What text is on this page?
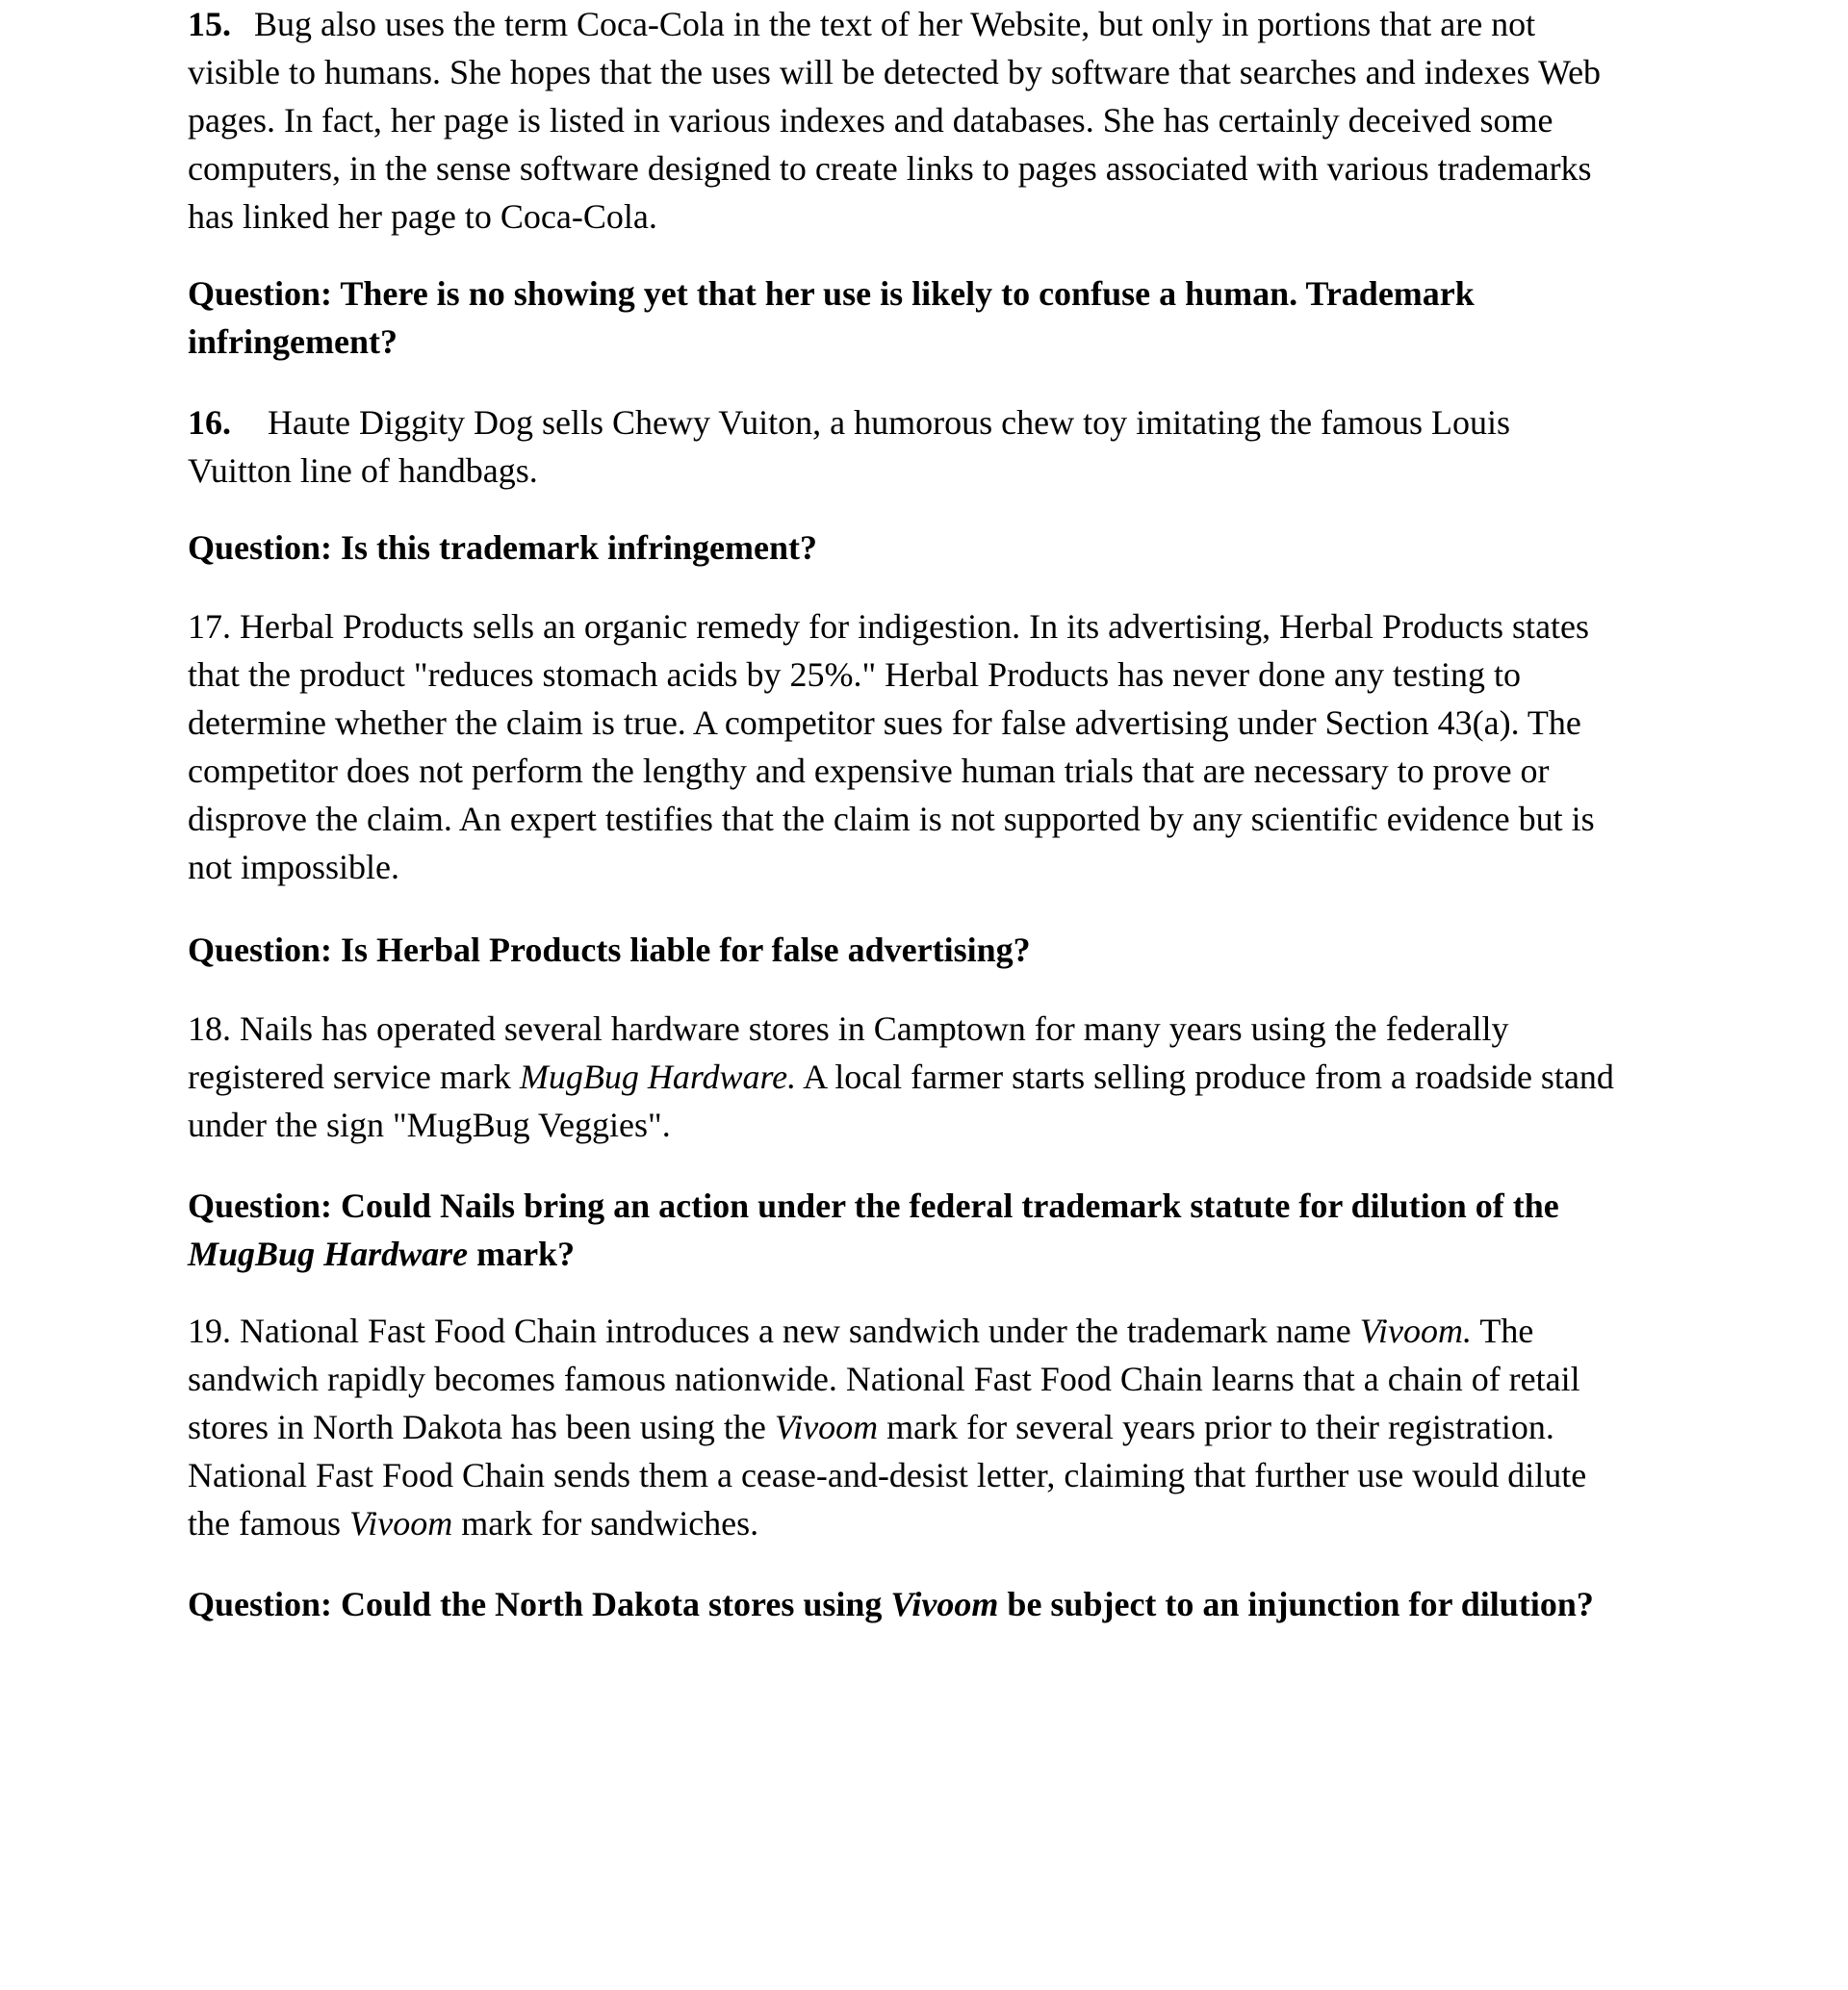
15. Bug also uses the term Coca-Cola in the text of her Website, but only in portions that are not visible to humans. She hopes that the uses will be detected by software that searches and indexes Web pages. In fact, her page is listed in various indexes and databases. She has certainly deceived some computers, in the sense software designed to create links to pages associated with various trademarks has linked her page to Coca-Cola.

Question: There is no showing yet that her use is likely to confuse a human. Trademark infringement?

16. Haute Diggity Dog sells Chewy Vuiton, a humorous chew toy imitating the famous Louis Vuitton line of handbags.

Question: Is this trademark infringement?

17. Herbal Products sells an organic remedy for indigestion. In its advertising, Herbal Products states that the product "reduces stomach acids by 25%." Herbal Products has never done any testing to determine whether the claim is true. A competitor sues for false advertising under Section 43(a). The competitor does not perform the lengthy and expensive human trials that are necessary to prove or disprove the claim. An expert testifies that the claim is not supported by any scientific evidence but is not impossible.

Question: Is Herbal Products liable for false advertising?

18. Nails has operated several hardware stores in Camptown for many years using the federally registered service mark MugBug Hardware. A local farmer starts selling produce from a roadside stand under the sign "MugBug Veggies".

Question: Could Nails bring an action under the federal trademark statute for dilution of the MugBug Hardware mark?

19. National Fast Food Chain introduces a new sandwich under the trademark name Vivoom. The sandwich rapidly becomes famous nationwide. National Fast Food Chain learns that a chain of retail stores in North Dakota has been using the Vivoom mark for several years prior to their registration. National Fast Food Chain sends them a cease-and-desist letter, claiming that further use would dilute the famous Vivoom mark for sandwiches.

Question: Could the North Dakota stores using Vivoom be subject to an injunction for dilution?
